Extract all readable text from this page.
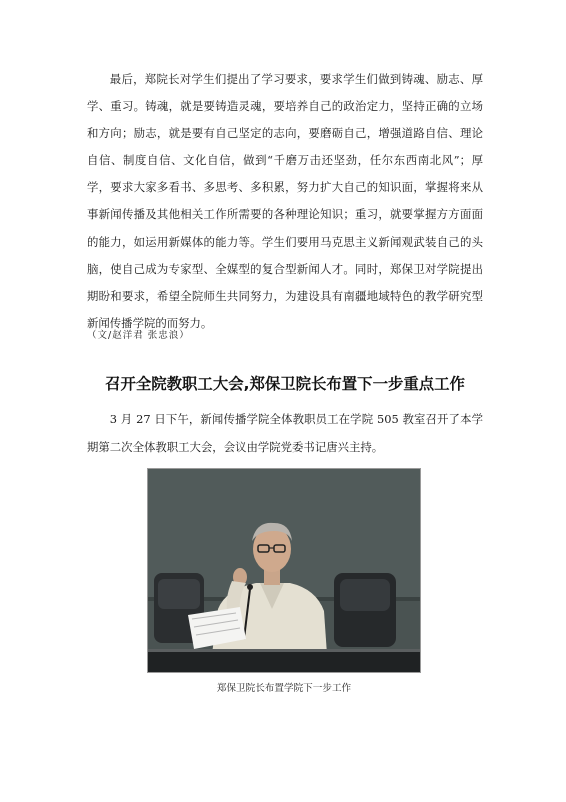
最后，郑院长对学生们提出了学习要求，要求学生们做到铸魂、励志、厚学、重习。铸魂，就是要铸造灵魂，要培养自己的政治定力，坚持正确的立场和方向；励志，就是要有自己坚定的志向，要磨砺自己，增强道路自信、理论自信、制度自信、文化自信，做到“千磨万击还坚劲，任尔东西南北风”；厚学，要求大家多看书、多思考、多积累，努力扩大自己的知识面，掌握将来从事新闻传播及其他相关工作所需要的各种理论知识；重习，就要掌握方方面面的能力，如运用新媒体的能力等。学生们要用马克思主义新闻观武装自己的头脑，使自己成为专家型、全媒型的复合型新闻人才。同时，郑保卫对学院提出期盼和要求，希望全院师生共同努力，为建设具有南疆地域特色的教学研究型新闻传播学院的而努力。

（文/赵洋君 张忠浪）
召开全院教职工大会,郑保卫院长布置下一步重点工作

3 月 27 日下午，新闻传播学院全体教职员工在学院 505 教室召开了本学期第二次全体教职工大会，会议由学院党委书记唐兴主持。

郑保卫院长布置学院下一步工作
